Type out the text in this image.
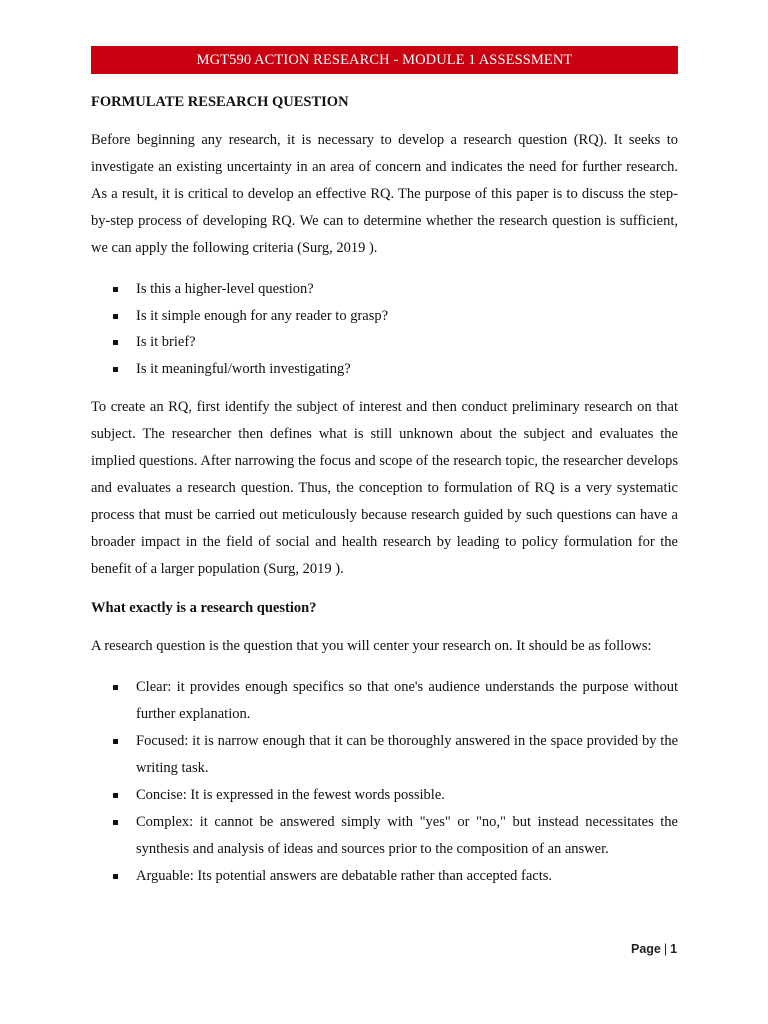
MGT590 ACTION RESEARCH - MODULE 1 ASSESSMENT
FORMULATE RESEARCH QUESTION

Before beginning any research, it is necessary to develop a research question (RQ). It seeks to investigate an existing uncertainty in an area of concern and indicates the need for further research. As a result, it is critical to develop an effective RQ. The purpose of this paper is to discuss the step-by-step process of developing RQ. We can to determine whether the research question is sufficient, we can apply the following criteria (Surg, 2019 ).

Is this a higher-level question?
Is it simple enough for any reader to grasp?
Is it brief?
Is it meaningful/worth investigating?

To create an RQ, first identify the subject of interest and then conduct preliminary research on that subject. The researcher then defines what is still unknown about the subject and evaluates the implied questions. After narrowing the focus and scope of the research topic, the researcher develops and evaluates a research question. Thus, the conception to formulation of RQ is a very systematic process that must be carried out meticulously because research guided by such questions can have a broader impact in the field of social and health research by leading to policy formulation for the benefit of a larger population (Surg, 2019 ).

What exactly is a research question?

A research question is the question that you will center your research on. It should be as follows:

Clear: it provides enough specifics so that one's audience understands the purpose without further explanation.
Focused: it is narrow enough that it can be thoroughly answered in the space provided by the writing task.
Concise: It is expressed in the fewest words possible.
Complex: it cannot be answered simply with "yes" or "no," but instead necessitates the synthesis and analysis of ideas and sources prior to the composition of an answer.
Arguable: Its potential answers are debatable rather than accepted facts.
Page | 1
